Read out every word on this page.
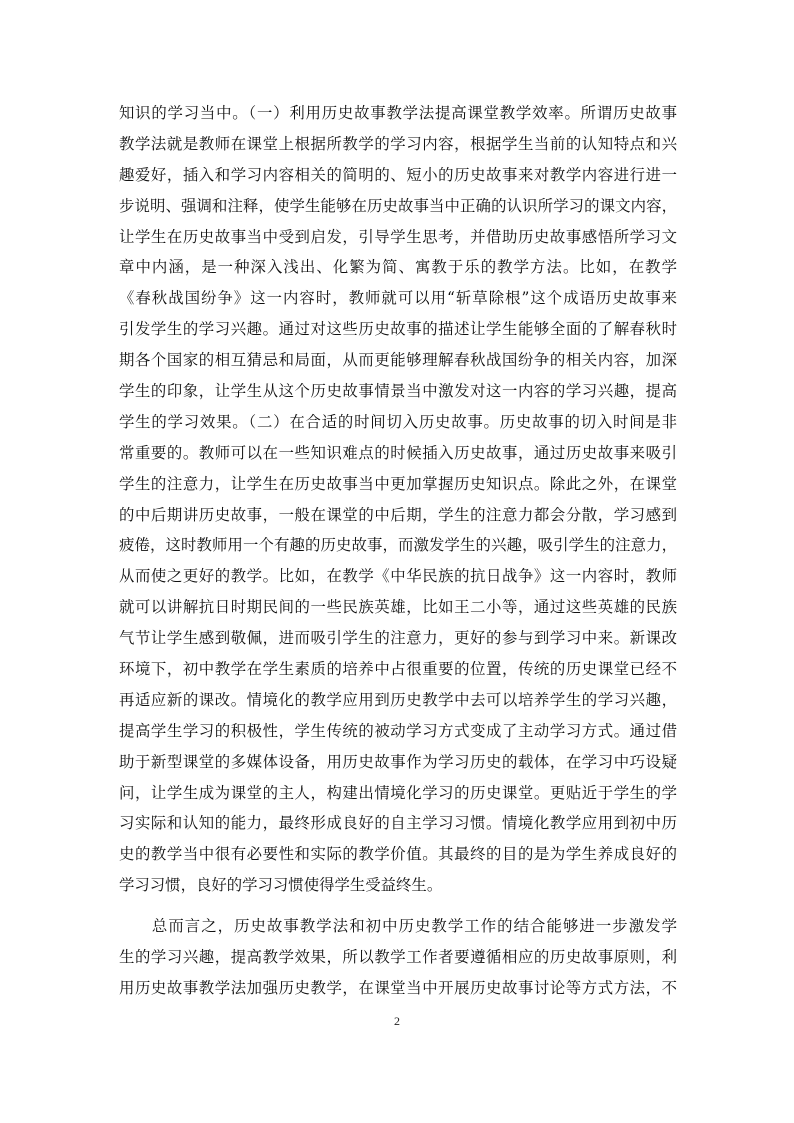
知识的学习当中。（一）利用历史故事教学法提高课堂教学效率。所谓历史故事
教学法就是教师在课堂上根据所教学的学习内容，根据学生当前的认知特点和兴
趣爱好，插入和学习内容相关的简明的、短小的历史故事来对教学内容进行进一
步说明、强调和注释，使学生能够在历史故事当中正确的认识所学习的课文内容，
让学生在历史故事当中受到启发，引导学生思考，并借助历史故事感悟所学习文
章中内涵，是一种深入浅出、化繁为简、寓教于乐的教学方法。比如，在教学
《春秋战国纷争》这一内容时，教师就可以用“斩草除根”这个成语历史故事来
引发学生的学习兴趣。通过对这些历史故事的描述让学生能够全面的了解春秋时
期各个国家的相互猜忌和局面，从而更能够理解春秋战国纷争的相关内容，加深
学生的印象，让学生从这个历史故事情景当中激发对这一内容的学习兴趣，提高
学生的学习效果。（二）在合适的时间切入历史故事。历史故事的切入时间是非
常重要的。教师可以在一些知识难点的时候插入历史故事，通过历史故事来吸引
学生的注意力，让学生在历史故事当中更加掌握历史知识点。除此之外，在课堂
的中后期讲历史故事，一般在课堂的中后期，学生的注意力都会分散，学习感到
疲倦，这时教师用一个有趣的历史故事，而激发学生的兴趣，吸引学生的注意力，
从而使之更好的教学。比如，在教学《中华民族的抗日战争》这一内容时，教师
就可以讲解抗日时期民间的一些民族英雄，比如王二小等，通过这些英雄的民族
气节让学生感到敬佩，进而吸引学生的注意力，更好的参与到学习中来。新课改
环境下，初中教学在学生素质的培养中占很重要的位置，传统的历史课堂已经不
再适应新的课改。情境化的教学应用到历史教学中去可以培养学生的学习兴趣，
提高学生学习的积极性，学生传统的被动学习方式变成了主动学习方式。通过借
助于新型课堂的多媒体设备，用历史故事作为学习历史的载体，在学习中巧设疑
问，让学生成为课堂的主人，构建出情境化学习的历史课堂。更贴近于学生的学
习实际和认知的能力，最终形成良好的自主学习习惯。情境化教学应用到初中历
史的教学当中很有必要性和实际的教学价值。其最终的目的是为学生养成良好的
学习习惯，良好的学习习惯使得学生受益终生。
　　总而言之，历史故事教学法和初中历史教学工作的结合能够进一步激发学
生的学习兴趣，提高教学效果，所以教学工作者要遵循相应的历史故事原则，利
用历史故事教学法加强历史教学，在课堂当中开展历史故事讨论等方式方法，不
2
